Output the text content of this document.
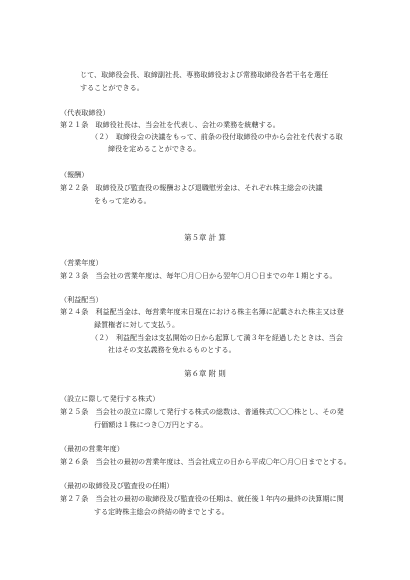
じて、取締役会長、取締副社長、専務取締役および常務取締役各若干名を選任
することができる。
（代表取締役）
第２１条　取締役社長は、当会社を代表し、会社の業務を統轄する。
（２）　取締役会の決議をもって、前条の役付取締役の中から会社を代表する取
締役を定めることができる。
（報酬）
第２２条　取締役及び監査役の報酬および退職慰労金は、それぞれ株主総会の決議
をもって定める。
第５章 計 算
（営業年度）
第２３条　当会社の営業年度は、毎年〇月〇日から翌年〇月〇日までの年１期とする。
（利益配当）
第２４条　利益配当金は、毎営業年度末日現在における株主名簿に記載された株主又は登
録質権者に対して支払う。
（２）　利益配当金は支払開始の日から起算して満３年を経過したときは、当会
社はその支払義務を免れるものとする。
第６章 附 則
（設立に際して発行する株式）
第２５条　当会社の設立に際して発行する株式の総数は、普通株式〇〇〇株とし、その発
行価額は１株につき〇万円とする。
（最初の営業年度）
第２６条　当会社の最初の営業年度は、当会社成立の日から平成〇年〇月〇日までとする。
（最初の取締役及び監査役の任期）
第２７条　当会社の最初の取締役及び監査役の任期は、就任後１年内の最終の決算期に関
する定時株主総会の終結の時までとする。
